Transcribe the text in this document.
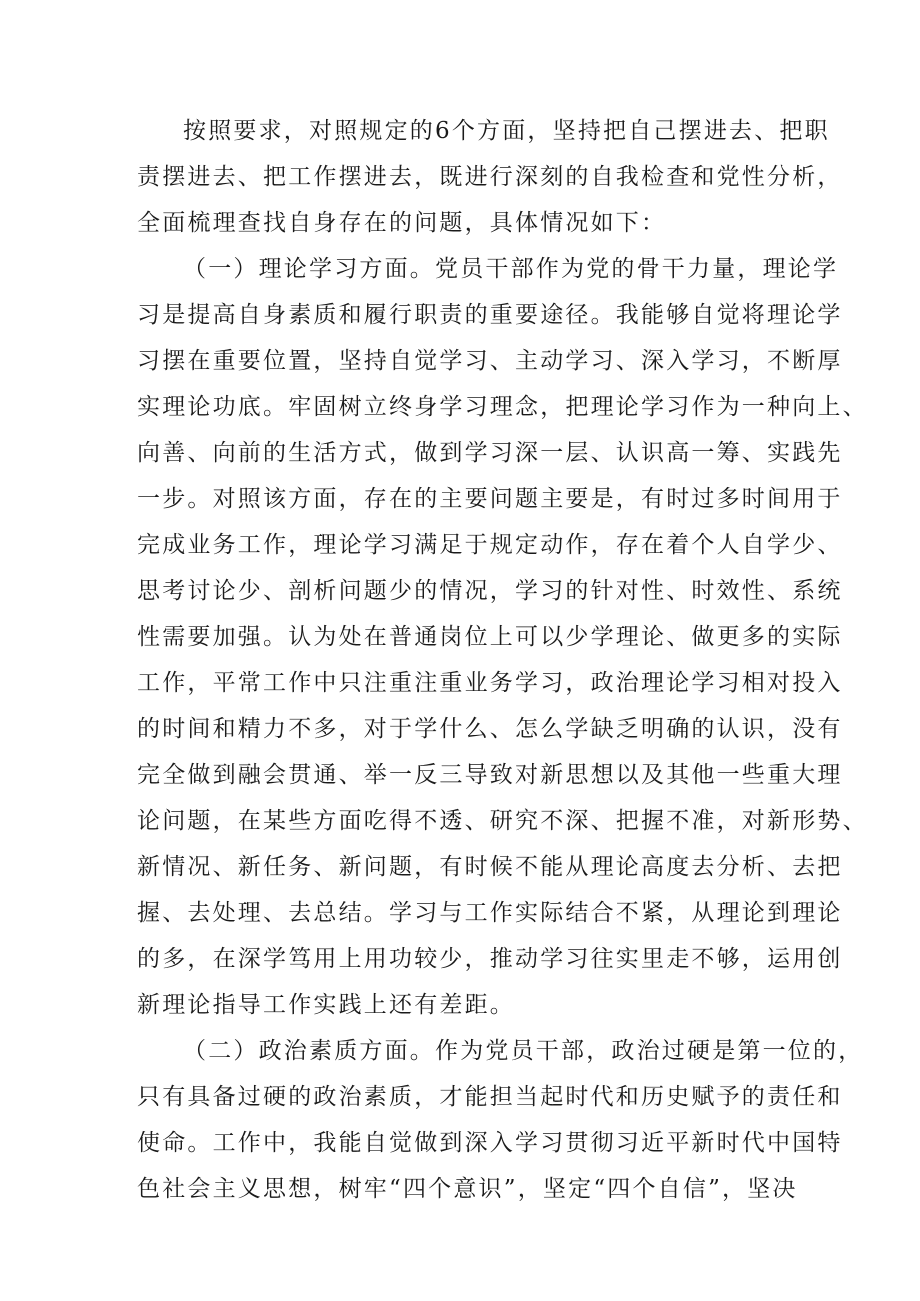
按照要求，对照规定的6个方面，坚持把自己摆进去、把职
责摆进去、把工作摆进去，既进行深刻的自我检查和党性分析，
全面梳理查找自身存在的问题，具体情况如下：
（一）理论学习方面。党员干部作为党的骨干力量，理论学
习是提高自身素质和履行职责的重要途径。我能够自觉将理论学
习摆在重要位置，坚持自觉学习、主动学习、深入学习，不断厚
实理论功底。牢固树立终身学习理念，把理论学习作为一种向上、
向善、向前的生活方式，做到学习深一层、认识高一筹、实践先
一步。对照该方面，存在的主要问题主要是，有时过多时间用于
完成业务工作，理论学习满足于规定动作，存在着个人自学少、
思考讨论少、剖析问题少的情况，学习的针对性、时效性、系统
性需要加强。认为处在普通岗位上可以少学理论、做更多的实际
工作，平常工作中只注重注重业务学习，政治理论学习相对投入
的时间和精力不多，对于学什么、怎么学缺乏明确的认识，没有
完全做到融会贯通、举一反三导致对新思想以及其他一些重大理
论问题，在某些方面吃得不透、研究不深、把握不准，对新形势、
新情况、新任务、新问题，有时候不能从理论高度去分析、去把
握、去处理、去总结。学习与工作实际结合不紧，从理论到理论
的多，在深学笃用上用功较少，推动学习往实里走不够，运用创
新理论指导工作实践上还有差距。
（二）政治素质方面。作为党员干部，政治过硬是第一位的，
只有具备过硬的政治素质，才能担当起时代和历史赋予的责任和
使命。工作中，我能自觉做到深入学习贯彻习近平新时代中国特
色社会主义思想，树牢“四个意识”，坚定“四个自信”，坚决
